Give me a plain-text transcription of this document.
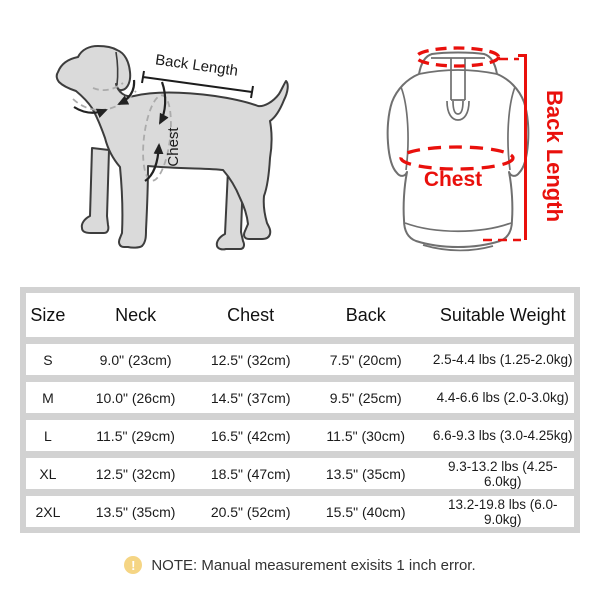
Back Length
Chest
Chest	Back Length
Size	Neck	Chest	Back	Suitable Weight
S	9.0" (23cm)	12.5" (32cm)	7.5" (20cm)	2.5-4.4 lbs (1.25-2.0kg)
M	10.0" (26cm)	14.5" (37cm)	9.5" (25cm)	4.4-6.6 lbs (2.0-3.0kg)
L	11.5" (29cm)	16.5" (42cm)	11.5" (30cm)	6.6-9.3 lbs (3.0-4.25kg)
XL	12.5" (32cm)	18.5" (47cm)	13.5" (35cm)	9.3-13.2 lbs (4.25-6.0kg)
2XL	13.5" (35cm)	20.5" (52cm)	15.5" (40cm)	13.2-19.8 lbs (6.0-9.0kg)
!	NOTE: Manual measurement exisits 1 inch error.
